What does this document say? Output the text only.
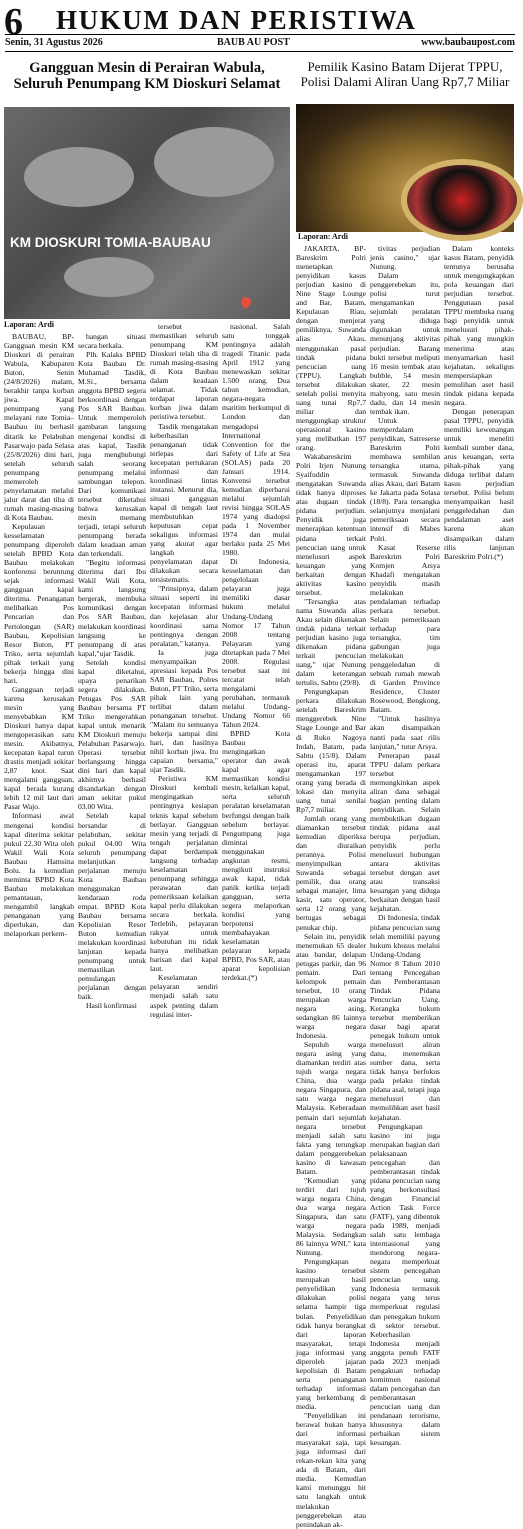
6 HUKUM DAN PERISTIWA
Senin, 31 Agustus 2026	BAUB AU POST	www.baubaupost.com
Gangguan Mesin di Perairan Wabula, Seluruh Penumpang KM Dioskuri Selamat
KM DIOSKURI TOMIA-BAUBAU
Laporan: Ardi

BAUBAU, BP-Gangguan mesin KM Dioskuri di perairan Wabula, Kabupaten Buton, Senin (24/8/2026) malam, berakhir tanpa korban jiwa. Kapal penumpang yang melayani rute Tomia–Baubau itu berhasil ditarik ke Pelabuhan Pasarwajo pada Selasa (25/8/2026) dini hari, setelah seluruh penumpang memeroleh penyelamatan melalui jalur darat dan tiba di rumah masing-masing di Kota Baubau.

Kepulauan kesselamatan penumpang diperoleh setelah BPBD Kota Baubau melakukan konferensi beruntung sejak informasi gangguan kapal diterima. Penanganan melibatkan Pos Pencarian dan Pertolongan (SAR) Baubau, Kepolisian Resor Buton, PT Triko, serta sejumlah pihak terkait yang bekerja hingga dini hari.

Gangguan terjadi karena kerusakan mesin yang menyebabkan KM Dioskuri hanya dapat mengoperasikan satu mesin. Akibatnya, kecepatan kapal turun drastis menjadi sekitar 2,87 knot. Saat mengalami gangguan, kapal berada kurang lebih 12 mil laut dari Pasar Wajo.

Informasi awal mengenai kondisi kapal diterima sekitar pukul 22.30 Wita oleh Wakil Wali Kota Baubau Hamsina Bolu. Ia kemudian meminta BPBD Kota Baubau melakukan pemantauan, mengambil langkah penanganan yang diperlukan, dan melaporkan perkem-

bangan situasi secara berkala.

Plh. Kalaks BPBD Kota Baubau Dr. Muhamad Tasdik, M.Si., bersama anggota BPBD segera berkoordinasi dengan Pos SAR Baubau. Untuk memperoleh gambaran langsung mengenai kondisi di atas kapal, Tasdik juga menghubungi salah seorang penumpang melalui sambungan telepon. Dari komunikasi tersebut diketahui bahwa kerusakan mesin memang terjadi, tetapi seluruh penumpang berada dalam keadaan aman dan terkendali.

"Begitu informasi diterima dari Ibu Wakil Wali Kota, kami langsung bergerak, membuka komunikasi dengan Pos SAR Baubau, melakukan koordinasi langsung ke penumpang di atas kapal,"ujar Tasdik.

Setelah kondisi kapal diketahui, upaya penarikan segera dilakukan. Petugas Pos SAR Baubau bersama PT Triko mengerahkan kapal untuk menarik KM Dioskuri menuju Pelabuhan Pasarwajo. Operasi tersebut berlangsung hingga dini hari dan kapal akhirnya berhasil disandarkan dengan aman sekitar pukul 03.00 Wita.

Setelah kapal bersandar di pelabuhan, sekitar pukul 04.00 Wita seluruh penumpang melanjutkan perjalanan menuju Kota Baubau menggunakan kendaraan roda empat. BPBD Kota Baubau bersama Kepolisian Resor Buton kemudian melakukan koordinasi lanjutan kepada penumpang untuk memastikan pemulangan perjalanan dengan baik.

Hasil konfirmasi

tersebut memastikan seluruh penumpang KM Dioskuri telah tiba di rumah masing-masing di Kota Baubau dalam keadaan selamat. Tidak terdapat laporan korban jiwa dalam peristiwa tersebut.

Tasdik mengatakan keberhasilan penanganan tidak terlepas dari kecepatan pertukaran informasi dan koordinasi lintas instansi. Menurut dia, situasi gangguan kapal di tengah laut membutuhkan keputusan cepat sekaligus informasi yang akurat agar langkah penyelamatan dapat dilakukan secara tersistematis.

"Prinsipnya, dalam situasi seperti ini kecepatan informasi dan kejelasan alur koordinasi sama pentingnya dengan peralatan," katanya.

Ia juga menyampaikan apresiasi kepada Pos SAR Baubau, Polres Buton, PT Triko, serta pihak lain yang terlibat dalam penanganan tersebut. "Malam itu semuanya bekerja sampai dini hari, dan hasilnya nihil korban jiwa. Itu capaian bersama," ujar Tasdik.

Peristiwa KM Dioskuri kembali mengingatkan pentingnya kesiapan teknis kapal sebelum berlayar. Gangguan mesin yang terjadi di tengah perjalanan dapat berdampak langsung terhadap keselamatan penumpang sehingga perawatan dan pemeriksaan kelaikan kapal perlu dilakukan secara berkala. Terlebih, pelayaran rakyat untuk kebutuhan itu tidak hanya melibatkan barisan dari kapal laut.

Keselamatan pelayaran sendiri menjadi salah satu aspek penting dalam regulasi inter-

nasional. Salah satu tonggak pentingnya adalah tragedi Titanic pada April 1912 yang menewaskan sekitar 1.500 orang. Dua tahun kemudian, negara-negara maritim berkumpul di London dan mengadopsi International Convention for the Safety of Life at Sea (SOLAS) pada 20 Januari 1914. Konvensi tersebut kemudian diperbarui melalui sejumlah revisi hingga SOLAS 1974 yang diadopsi pada 1 November 1974 dan mulai berlaku pada 25 Mei 1980.

Di Indonesia, kesselamatan dan pengelolaan pelayaran juga memiliki dasar hukum melalui Undang-Undang Nomor 17 Tahun 2008 tentang Pelayaran yang ditetapkan pada 7 Mei 2008. Regulasi tersebut saat ini tercatat telah mengalami perubahan, termasuk melalui Undang-Undang Nomor 66 Tahun 2024.

BPBD Kota Baubau mengingatkan operator dan awak kapal agar memastikan kondisi mesin, kelaikan kapal, serta seluruh peralatan keselamatan berfungsi dengan baik sebelum berlayar. Pengumpang juga dimintai menggunakan angkutan resmi, mengikuti instruksi awak kapal, tidak panik ketika terjadi gangguan, serta segera melaporkan kondisi yang berpotensi membahayakan keselamatan pelayaran kepada BPBD, Pos SAR, atau aparat kepolisian terdekat.(*)

Pemilik Kasino Batam Dijerat TPPU, Polisi Dalami Aliran Uang Rp7,7 Miliar
Laporan: Ardi

JAKARTA, BP- Bareskrim Polri menetapkan penyidikan kasus perjudian kasino di Nine Stage Lounge and Bar, Batam, Kepulauan Riau, dengan menjerat pemiliknya, Suwanda alias Akau, menggunakan pasal tindak pidana pencucian uang (TPPU). Langkah tersebut dilakukan setelah polisi menyita uang tunai Rp7,7 miliar dan menggungkap struktur operasional kasino yang melibatkan 197 orang.

Wakabareskrim Polri Irjen Nunung Syaifuddin mengatakan Suwanda tidak hanya diproses atas dugaan tindak pidana perjudian. Penyidik juga menerapkan ketentuan pidana terkait pencucian uang untuk menelusuri aspek keuangan yang berkaitan dengan aktivitas kasino tersebut.

"Tersangka atas nama Suwanda alias Akau selain dikenakan tindak pidana terkait perjudian kasino juga dikenakan pidana terkait pencucian uang," ujar Nunung dalam keterangan tertulis, Sabtu (29/8).

Pengungkapan perkara dilakukan setelah Bareskrim menggerebek Nine Stage Lounge and Bar di Ruko Nagoya Indah, Batam, pada Sabtu (15/8). Dalam operasi itu, aparat mengamankan 197 orang yang berada di lokasi dan menyita uang tunai senilai Rp7,7 miliar.

Jumlah orang yang diamankan tersebut kemudian diperiksa dan diuraikan perannya. Polisi menyimpulkan Suwanda sebagai pemilik, dua orang sebagai manajer, lima kasir, satu operator, serta 12 orang yang bertugas sebagai penukar chip.

Selain itu, penyidik menemukan 65 dealer atau bandar, delapan petugas parkir, dan 96 pemain. Dari kelompok pemain tersebut, 10 orang merupakan warga negara asing, sedangkan 86 lainnya warga negara Indonesia.

Sepuluh warga negara asing yang diamankan terdiri atas tujuh warga negara China, dua warga negara Singapura, dan satu warga negara Malaysia. Keberadaan pemain dari sejumlah negara tersebut menjadi salah satu fakta yang terungkap dalam penggerebekan kasino di kawasan Batam.

"Kemudian yang terdiri dari tujuh warga negara China, dua warga negara Singapura, dan satu warga negara Malaysia. Sedangkan 86 lainnya WNI," kata Nunung.

Pengungkapan kasino tersebut merupakan hasil penyelidikan yang dilakukan polisi selama hampir tiga bulan. Penyelidikan tidak hanya berangkat dari laporan masyarakat, tetapi juga informasi yang diperoleh jajaran kepolisian di Batam serta penanganan terhadap informasi yang berkembang di media.

"Penyelidikan ini berawal bukan hanya dari informasi masyarakat saja, tapi juga informasi dari rekan-rekan kita yang ada di Batam, dari media. Kemudian kami menunggu hit satu langkah untuk melakukan penggerebekan atau penindakan ak-

tivitas perjudian jenis casino," ujar Nunung.

Dalam penggerebekan itu, polisi turut mengamankan sejumlah peralatan yang diduga digunakan untuk menunjang aktivitas perjudian. Barang bukti tersebut meliputi 16 mesin tembak atau bubble, 54 mesin skater, 22 mesin mahyong, satu mesin dadu, dan 14 mesin tembak ikan.

Untuk memperdalam penyidikan, Satreserse Bareskrim Polri membawa sembilan tersangka utama, termasuk Suwanda alias Akau, dari Batam ke Jakarta pada Selasa (18/8). Para tersangka selanjutnya menjalani pemeriksaan secara intensif di Mabes Polri.

Kasat Reserse Bareskrim Polri Komjen Arsya Khadafi mengatakan penyidik masih melakukan pendalaman terhadap perkara tersebut. Selain pemeriksaan terhadap para tersangka, tim gabungan juga melakukan penggeledahan di sebuah rumah mewah di Garden Province Residence, Cluster Rosewood, Bengkong, Batam.

"Untuk hasilnya akan disampaikan nanti pada saat rilis lanjutan," tutur Arsya.

Penerapan pasal TPPU dalam perkara tersebut memungkinkan aspek aliran dana sebagai bagian penting dalam penyidikan. Selain membuktikan dugaan tindak pidana asal berupa perjudian, penyidik perlu menelusuri hubungan antara aktivitas tersebut dengan aset atau transaksi keuangan yang diduga berkaitan dengan hasil kejahatan.

Di Indonesia, tindak pidana pencucian uang telah memiliki payung hukum khusus melalui Undang-Undang Nomor 8 Tahun 2010 tentang Pencegahan dan Pemberantasan Tindak Pidana Pencucian Uang. Kerangka hukum tersebut memberikan dasar bagi aparat penegak hukum untuk menelusuri aliran dana, menemukan sumber dana, serta tidak hanya berfokus pada pelaku tindak pidana asal, tetapi juga menelusuri dan memulihkan aset hasil kejahatan.

Pengungkapan kasino ini juga merupakan bagian dari pelaksanaan pencegahan dan pemberantasan tindak pidana pencucian uang yang berkonsultasi dengan Financial Action Task Force (FATF), yang dibentuk pada 1989, menjadi salah satu lembaga internasional yang mendorong negara-negara memperkuat sistem pencegahan pencucian uang. Indonesia termasuk negara yang terus memperkuat regulasi dan penegakan hukum di sektor tersebut. Keberhasilan Indonesia menjadi anggota penuh FATF pada 2023 menjadi pengakuan terhadap komitmen nasional dalam pencegahan dan pemberantasan pencucian uang dan pendanaan terorisme, khususnya dalam perbaikan sistem keuangan.

Dalam konteks kasus Batam, penyidik tentunya berusaha untuk mengungkapkan pola keuangan dari perjudian tersebut. Penggunaan pasal TPPU membuka ruang bagi penyidik untuk menelusuri pihak-pihak yang mungkin menerima atau menyamarkan hasil kejahatan, sekaligus mempersiapkan pemulihan aset hasil tindak pidana kepada negara.

Dengan penerapan pasal TPPU, penyidik memiliki kewenangan untuk meneliti kembali sumber dana, arus keuangan, serta pihak-pihak yang diduga terlibat dalam kasus perjudian tersebut. Polisi belum menyampaikan hasil penggeledahan dan pendalaman aset karena akan disampaikan dalam rilis lanjutan Bareskrim Polri.(*)
